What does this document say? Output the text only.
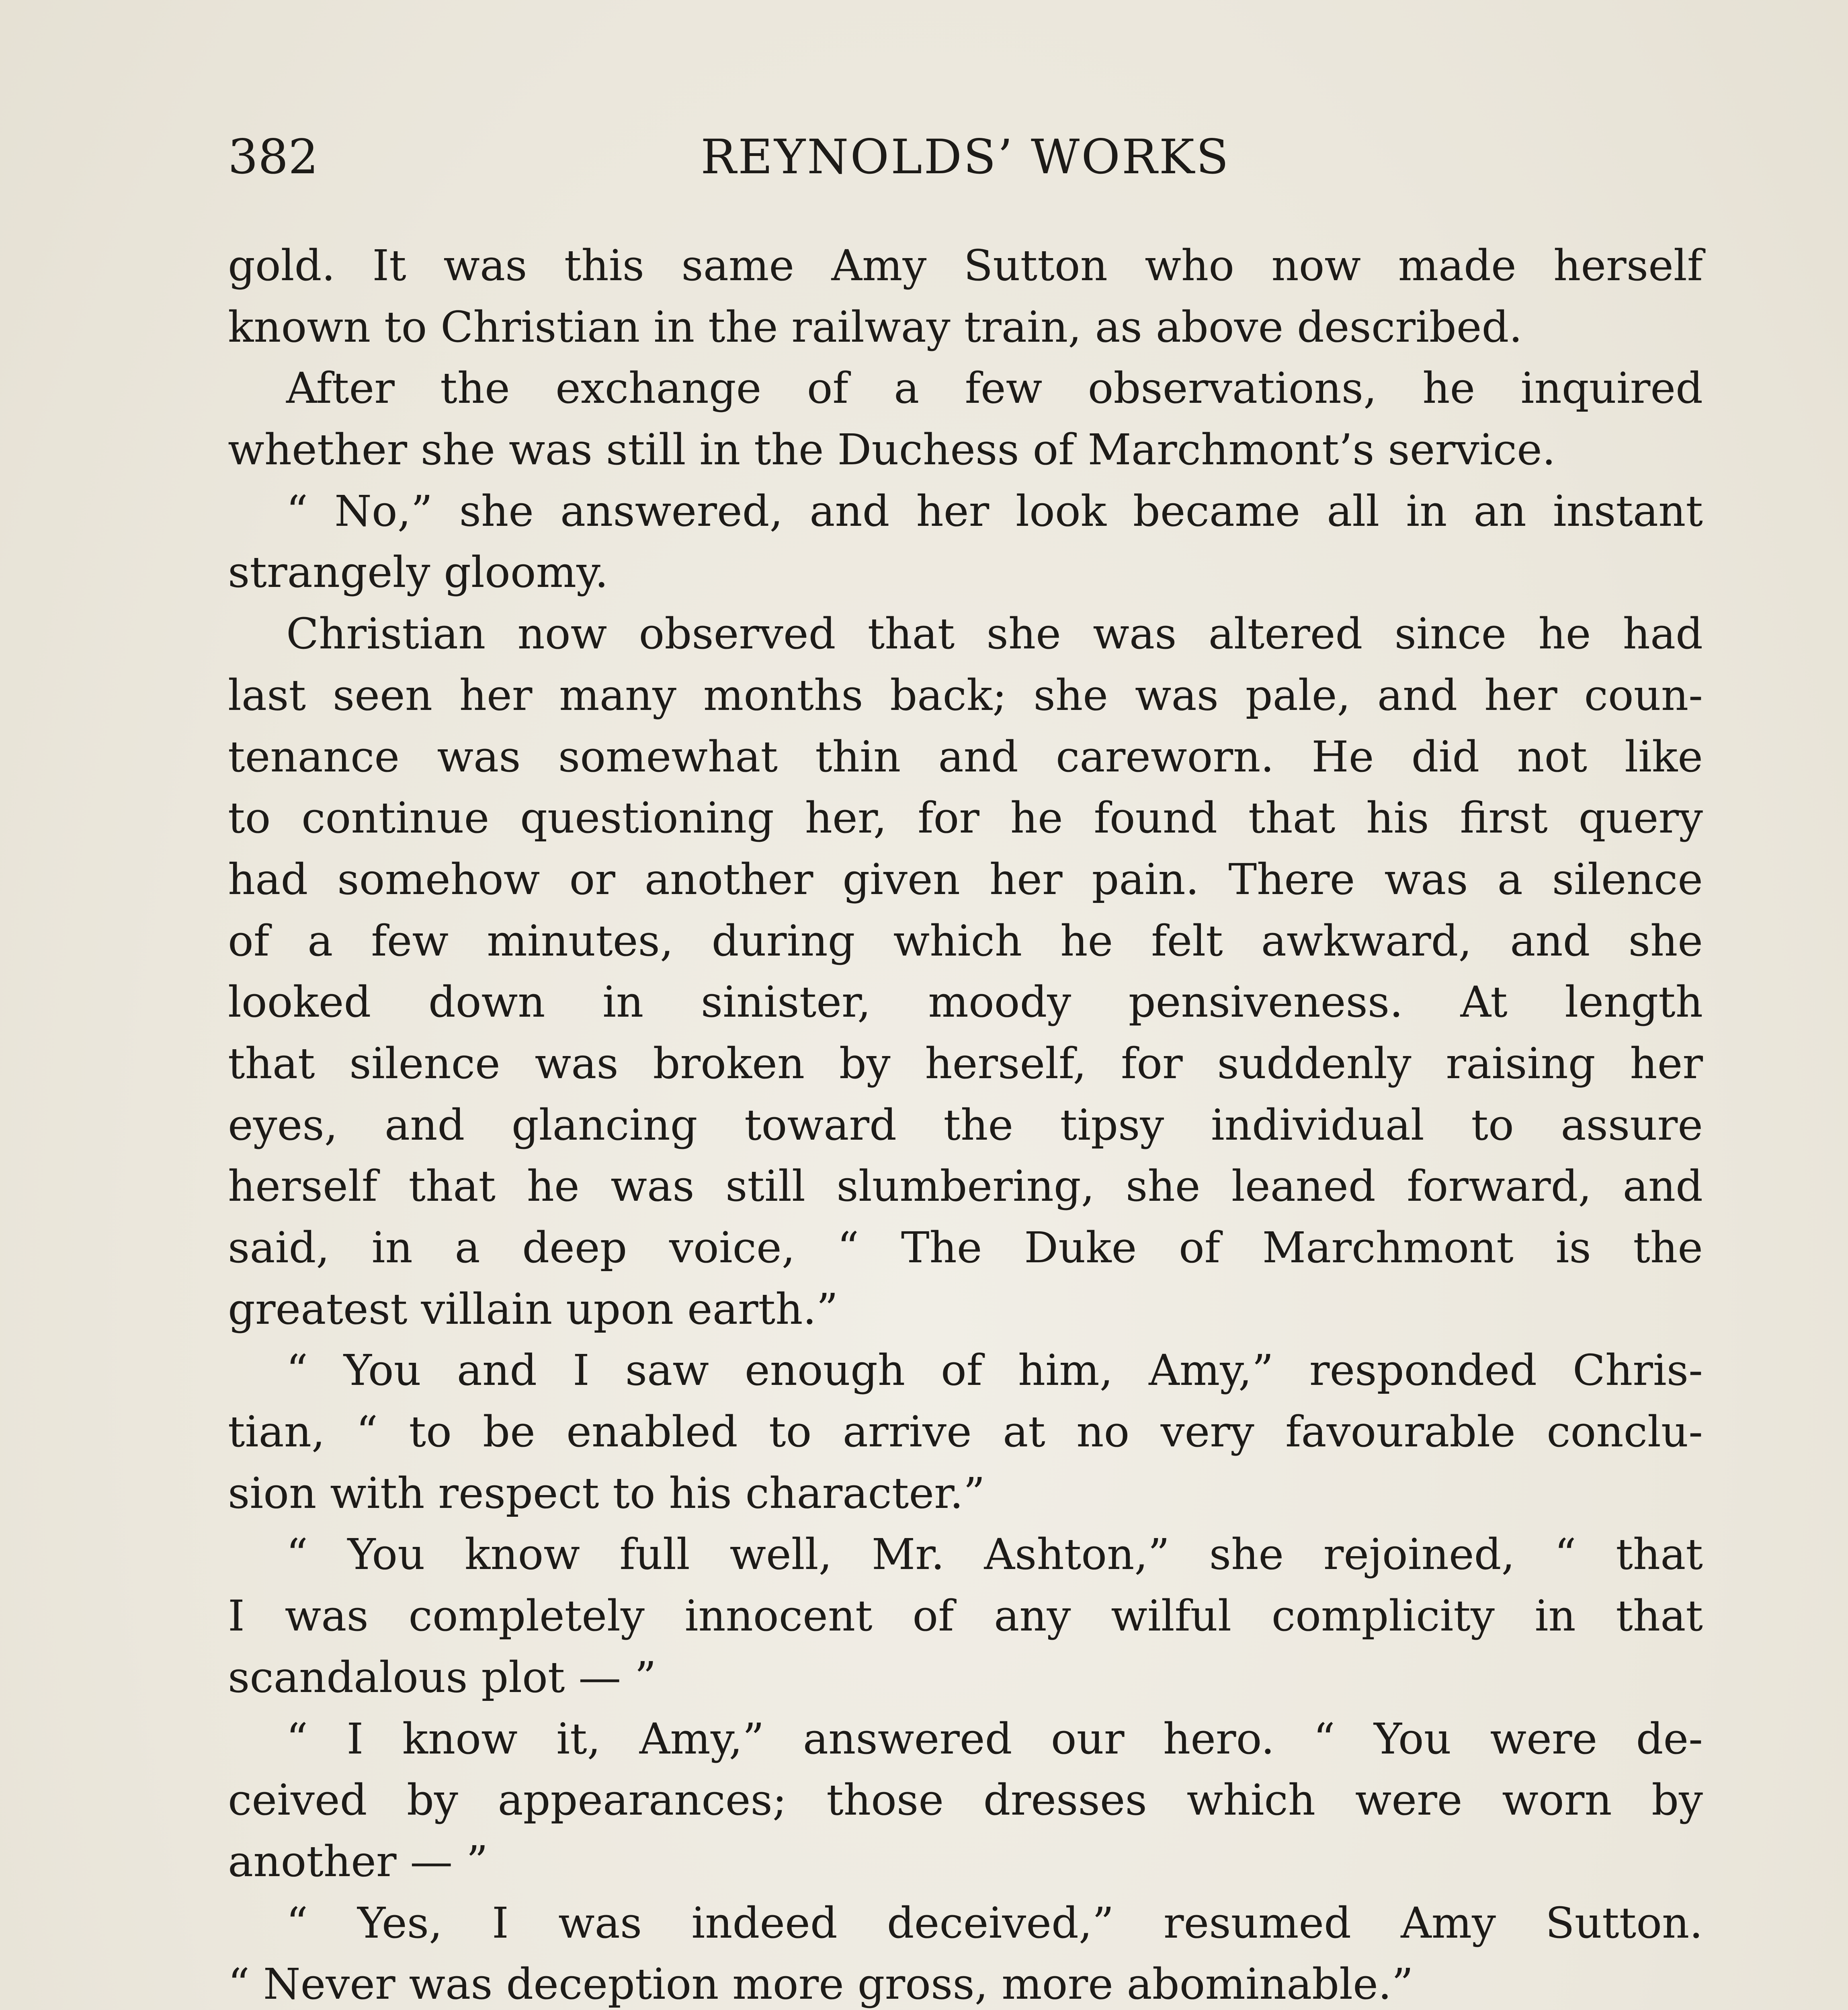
382	REYNOLDS’ WORKS
gold. It was this same Amy Sutton who now made herself
known to Christian in the railway train, as above described.
After the exchange of a few observations, he inquired
whether she was still in the Duchess of Marchmont’s service.
“ No,” she answered, and her look became all in an instant
strangely gloomy.
Christian now observed that she was altered since he had
last seen her many months back; she was pale, and her coun-
tenance was somewhat thin and careworn. He did not like
to continue questioning her, for he found that his first query
had somehow or another given her pain. There was a silence
of a few minutes, during which he felt awkward, and she
looked down in sinister, moody pensiveness. At length
that silence was broken by herself, for suddenly raising her
eyes, and glancing toward the tipsy individual to assure
herself that he was still slumbering, she leaned forward, and
said, in a deep voice, “ The Duke of Marchmont is the
greatest villain upon earth.”
“ You and I saw enough of him, Amy,” responded Chris-
tian, “ to be enabled to arrive at no very favourable conclu-
sion with respect to his character.”
“ You know full well, Mr. Ashton,” she rejoined, “ that
I was completely innocent of any wilful complicity in that
scandalous plot — ”
“ I know it, Amy,” answered our hero. “ You were de-
ceived by appearances; those dresses which were worn by
another — ”
“ Yes, I was indeed deceived,” resumed Amy Sutton.
“ Never was deception more gross, more abominable.”
